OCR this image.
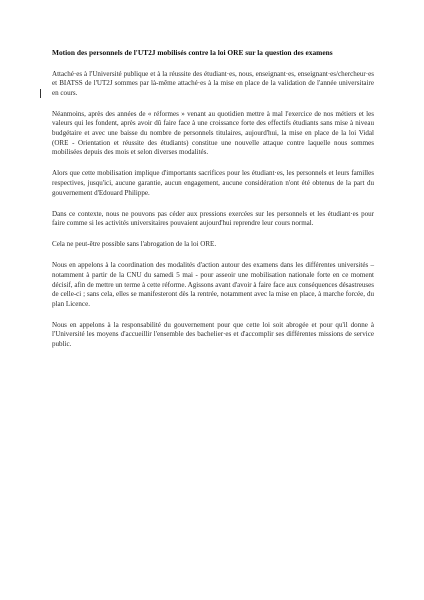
Motion des personnels de l'UT2J mobilisés contre la loi ORE sur la question des examens

Attaché·es à l'Université publique et à la réussite des étudiant·es, nous, enseignant·es, enseignant·es/chercheur·es et BIATSS de l'UT2J sommes par là-même attaché·es à la mise en place de la validation de l'année universitaire en cours.

Néanmoins, après des années de « réformes » venant au quotidien mettre à mal l'exercice de nos métiers et les valeurs qui les fondent, après avoir dû faire face à une croissance forte des effectifs étudiants sans mise à niveau budgétaire et avec une baisse du nombre de personnels titulaires, aujourd'hui, la mise en place de la loi Vidal (ORE - Orientation et réussite des étudiants) constitue une nouvelle attaque contre laquelle nous sommes mobilisées depuis des mois et selon diverses modalités.

Alors que cette mobilisation implique d'importants sacrifices pour les étudiant·es, les personnels et leurs familles respectives, jusqu'ici, aucune garantie, aucun engagement, aucune considération n'ont été obtenus de la part du gouvernement d'Edouard Philippe.

Dans ce contexte, nous ne pouvons pas céder aux pressions exercées sur les personnels et les étudiant·es pour faire comme si les activités universitaires pouvaient aujourd'hui reprendre leur cours normal.

Cela ne peut-être possible sans l'abrogation de la loi ORE.

Nous en appelons à la coordination des modalités d'action autour des examens dans les différentes universités – notamment à partir de la CNU du samedi 5 mai - pour asseoir une mobilisation nationale forte en ce moment décisif, afin de mettre un terme à cette réforme. Agissons avant d'avoir à faire face aux conséquences désastreuses de celle-ci ; sans cela, elles se manifesteront dès la rentrée, notamment avec la mise en place, à marche forcée, du plan Licence.

Nous en appelons à la responsabilité du gouvernement pour que cette loi soit abrogée et pour qu'il donne à l'Université les moyens d'accueillir l'ensemble des bachelier·es et d'accomplir ses différentes missions de service public.
